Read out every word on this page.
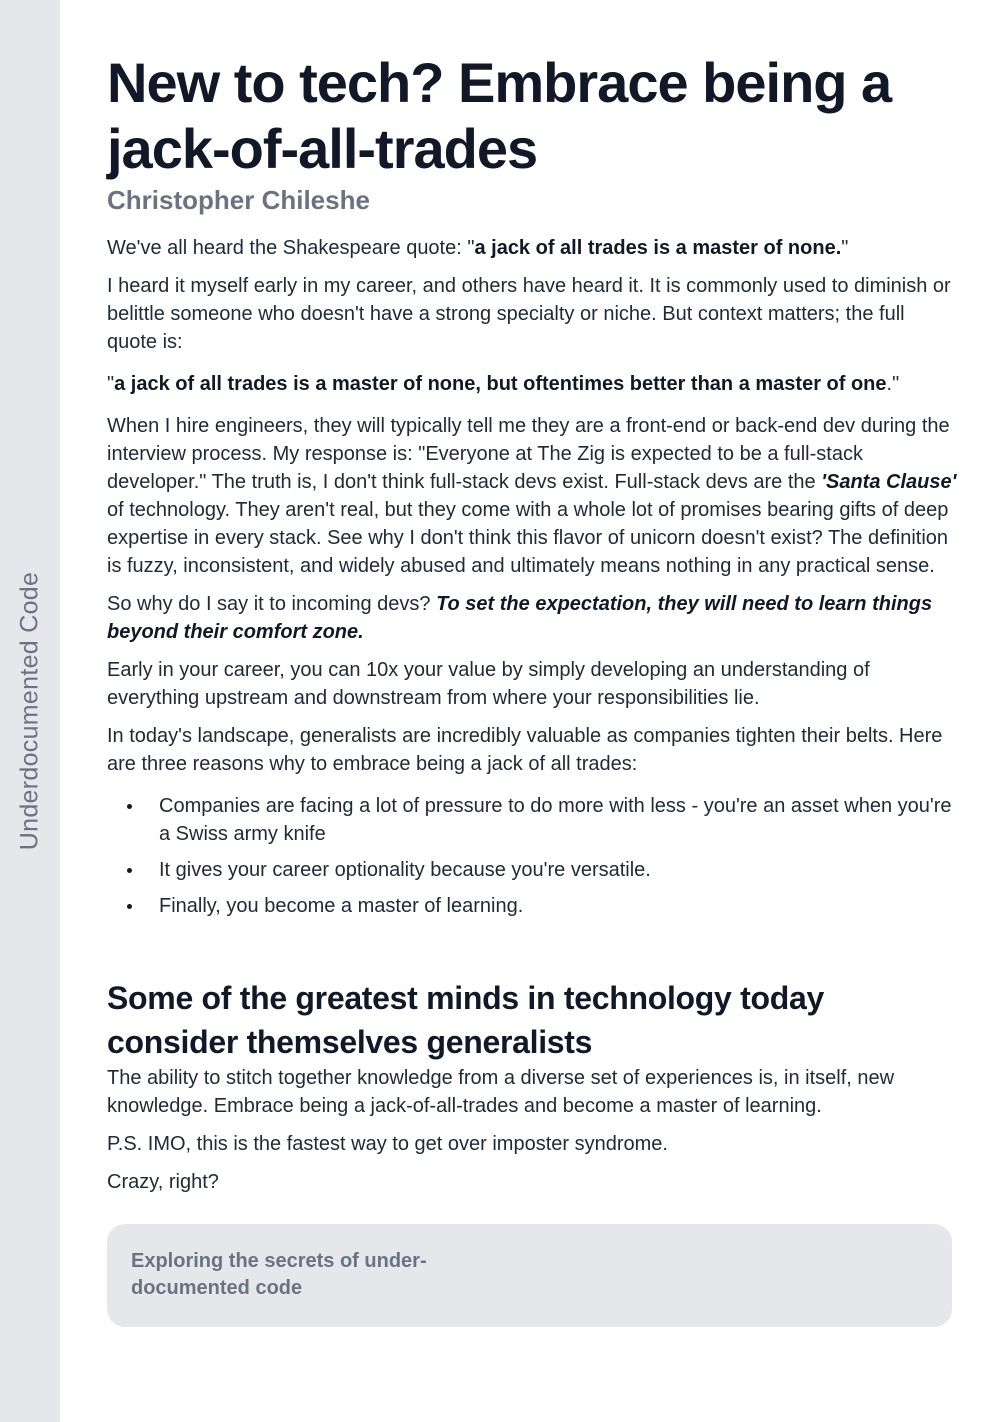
Underdocumented Code
New to tech? Embrace being a jack-of-all-trades
Christopher Chileshe

We've all heard the Shakespeare quote: "a jack of all trades is a master of none."

I heard it myself early in my career, and others have heard it. It is commonly used to diminish or belittle someone who doesn't have a strong specialty or niche. But context matters; the full quote is:

"a jack of all trades is a master of none, but oftentimes better than a master of one."

When I hire engineers, they will typically tell me they are a front-end or back-end dev during the interview process. My response is: "Everyone at The Zig is expected to be a full-stack developer." The truth is, I don't think full-stack devs exist. Full-stack devs are the 'Santa Clause' of technology. They aren't real, but they come with a whole lot of promises bearing gifts of deep expertise in every stack. See why I don't think this flavor of unicorn doesn't exist? The definition is fuzzy, inconsistent, and widely abused and ultimately means nothing in any practical sense.

So why do I say it to incoming devs? To set the expectation, they will need to learn things beyond their comfort zone.

Early in your career, you can 10x your value by simply developing an understanding of everything upstream and downstream from where your responsibilities lie.

In today's landscape, generalists are incredibly valuable as companies tighten their belts. Here are three reasons why to embrace being a jack of all trades:

Companies are facing a lot of pressure to do more with less - you're an asset when you're a Swiss army knife
It gives your career optionality because you're versatile.
Finally, you become a master of learning.
Some of the greatest minds in technology today consider themselves generalists

The ability to stitch together knowledge from a diverse set of experiences is, in itself, new knowledge. Embrace being a jack-of-all-trades and become a master of learning.

P.S. IMO, this is the fastest way to get over imposter syndrome.

Crazy, right?

Exploring the secrets of under-documented code
